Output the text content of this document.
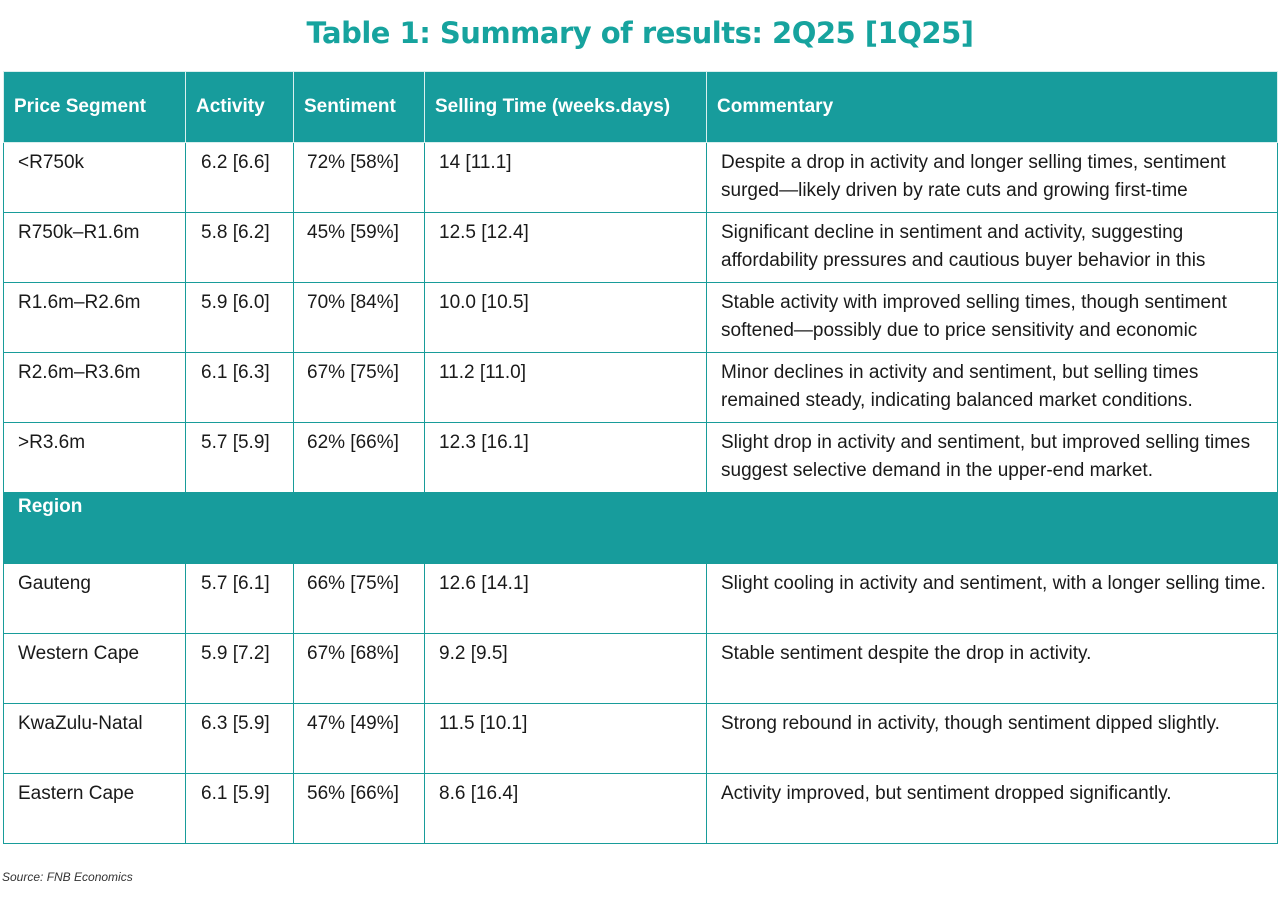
Table 1: Summary of results: 2Q25 [1Q25]
Price Segment	Activity	Sentiment	Selling Time (weeks.days)	Commentary
<R750k	6.2 [6.6]	72% [58%]	14 [11.1]	Despite a drop in activity and longer selling times, sentiment surged—likely driven by rate cuts and growing first-time

R750k–R1.6m	5.8 [6.2]	45% [59%]	12.5 [12.4]	Significant decline in sentiment and activity, suggesting affordability pressures and cautious buyer behavior in this

R1.6m–R2.6m	5.9 [6.0]	70% [84%]	10.0 [10.5]	Stable activity with improved selling times, though sentiment softened—possibly due to price sensitivity and economic

R2.6m–R3.6m	6.1 [6.3]	67% [75%]	11.2 [11.0]	Minor declines in activity and sentiment, but selling times remained steady, indicating balanced market conditions.

>R3.6m	5.7 [5.9]	62% [66%]	12.3 [16.1]	Slight drop in activity and sentiment, but improved selling times suggest selective demand in the upper-end market.

Region				
Gauteng	5.7 [6.1]	66% [75%]	12.6 [14.1]	Slight cooling in activity and sentiment, with a longer selling time.

Western Cape	5.9 [7.2]	67% [68%]	9.2 [9.5]	Stable sentiment despite the drop in activity.

KwaZulu-Natal	6.3 [5.9]	47% [49%]	11.5 [10.1]	Strong rebound in activity, though sentiment dipped slightly.

Eastern Cape	6.1 [5.9]	56% [66%]	8.6 [16.4]	Activity improved, but sentiment dropped significantly.
Source: FNB Economics
